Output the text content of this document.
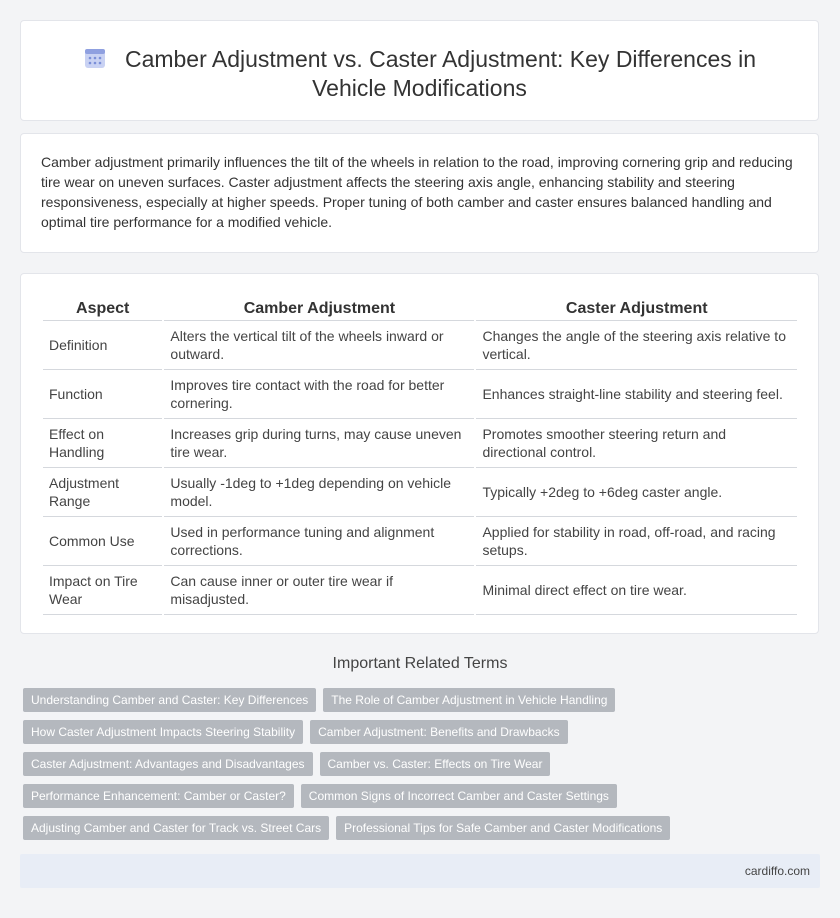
Camber Adjustment vs. Caster Adjustment: Key Differences in
Vehicle Modifications
Camber adjustment primarily influences the tilt of the wheels in relation to the road, improving cornering grip and reducing tire wear on uneven surfaces. Caster adjustment affects the steering axis angle, enhancing stability and steering responsiveness, especially at higher speeds. Proper tuning of both camber and caster ensures balanced handling and optimal tire performance for a modified vehicle.
Aspect	Camber Adjustment	Caster Adjustment
Definition	Alters the vertical tilt of the wheels inward or outward.	Changes the angle of the steering axis relative to vertical.
Function	Improves tire contact with the road for better cornering.	Enhances straight-line stability and steering feel.
Effect on Handling	Increases grip during turns, may cause uneven tire wear.	Promotes smoother steering return and directional control.
Adjustment Range	Usually -1deg to +1deg depending on vehicle model.	Typically +2deg to +6deg caster angle.
Common Use	Used in performance tuning and alignment corrections.	Applied for stability in road, off-road, and racing setups.
Impact on Tire Wear	Can cause inner or outer tire wear if misadjusted.	Minimal direct effect on tire wear.
Important Related Terms
Understanding Camber and Caster: Key Differences	The Role of Camber Adjustment in Vehicle Handling
How Caster Adjustment Impacts Steering Stability	Camber Adjustment: Benefits and Drawbacks
Caster Adjustment: Advantages and Disadvantages	Camber vs. Caster: Effects on Tire Wear
Performance Enhancement: Camber or Caster?	Common Signs of Incorrect Camber and Caster Settings
Adjusting Camber and Caster for Track vs. Street Cars	Professional Tips for Safe Camber and Caster Modifications
cardiffo.com
